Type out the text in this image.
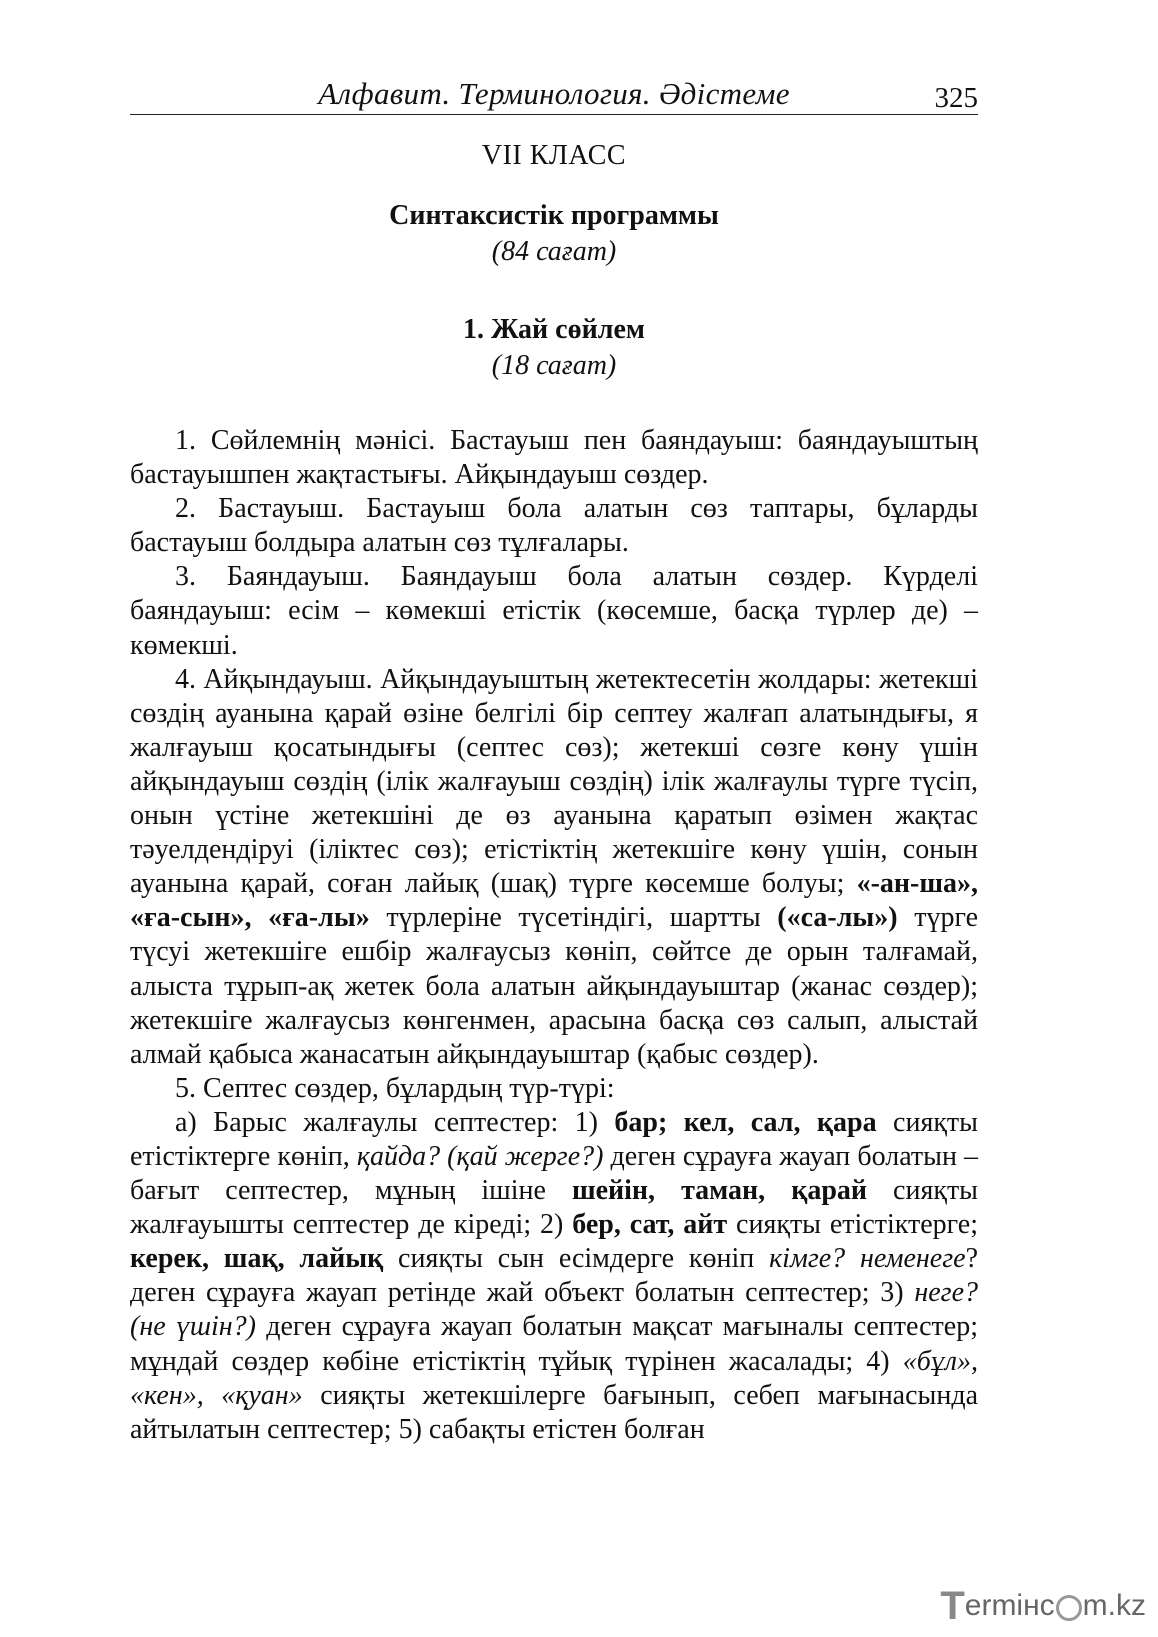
Алфавит. Терминология. Әдістеме	325
VII КЛАСС
Синтаксистік программы
(84 сағат)
1. Жай сөйлем
(18 сағат)

1. Сөйлемнің мәнісі. Бастауыш пен баяндауыш: баяндауыштың бастауышпен жақтастығы. Айқындауыш сөздер.

2. Бастауыш. Бастауыш бола алатын сөз таптары, бұларды бастауыш болдыра алатын сөз тұлғалары.

3. Баяндауыш. Баяндауыш бола алатын сөздер. Күрделі баяндауыш: есім – көмекші етістік (көсемше, басқа түрлер де) – көмекші.

4. Айқындауыш. Айқындауыштың жетектесетін жолдары: жетекші сөздің ауанына қарай өзіне белгілі бір септеу жалғап алатындығы, я жалғауыш қосатындығы (септес сөз); жетекші сөзге көну үшін айқындауыш сөздің (ілік жалғауыш сөздің) ілік жалғаулы түрге түсіп, онын үстіне жетекшіні де өз ауанына қаратып өзімен жақтас тәуелдендіруі (іліктес сөз); етістіктің жетекшіге көну үшін, сонын ауанына қарай, соған лайық (шақ) түрге көсемше болуы; «-ан-ша», «ға-сын», «ға-лы» түрлеріне түсетіндігі, шартты («са-лы») түрге түсуі жетекшіге ешбір жалғаусыз көніп, сөйтсе де орын талғамай, алыста тұрып-ақ жетек бола алатын айқындауыштар (жанас сөздер); жетекшіге жалғаусыз көнгенмен, арасына басқа сөз салып, алыстай алмай қабыса жанасатын айқындауыштар (қабыс сөздер).

5. Септес сөздер, бұлардың түр-түрі:

а) Барыс жалғаулы септестер: 1) бар; кел, сал, қара сияқты етістіктерге көніп, қайда? (қай жерге?) деген сұрауға жауап болатын – бағыт септестер, мұның ішіне шейін, таман, қарай сияқты жалғауышты септестер де кіреді; 2) бер, сат, айт сияқты етістіктерге; керек, шақ, лайық сияқты сын есімдерге көніп кімге? неменеге? деген сұрауға жауап ретінде жай объект болатын септестер; 3) неге? (не үшін?) деген сұрауға жауап болатын мақсат мағыналы септестер; мұндай сөздер көбіне етістіктің тұйық түрінен жасалады; 4) «бұл», «кен», «қуан» сияқты жетекшілерге бағынып, себеп мағынасында айтылатын септестер; 5) сабақты етістен болған

T ermінc m.kz
